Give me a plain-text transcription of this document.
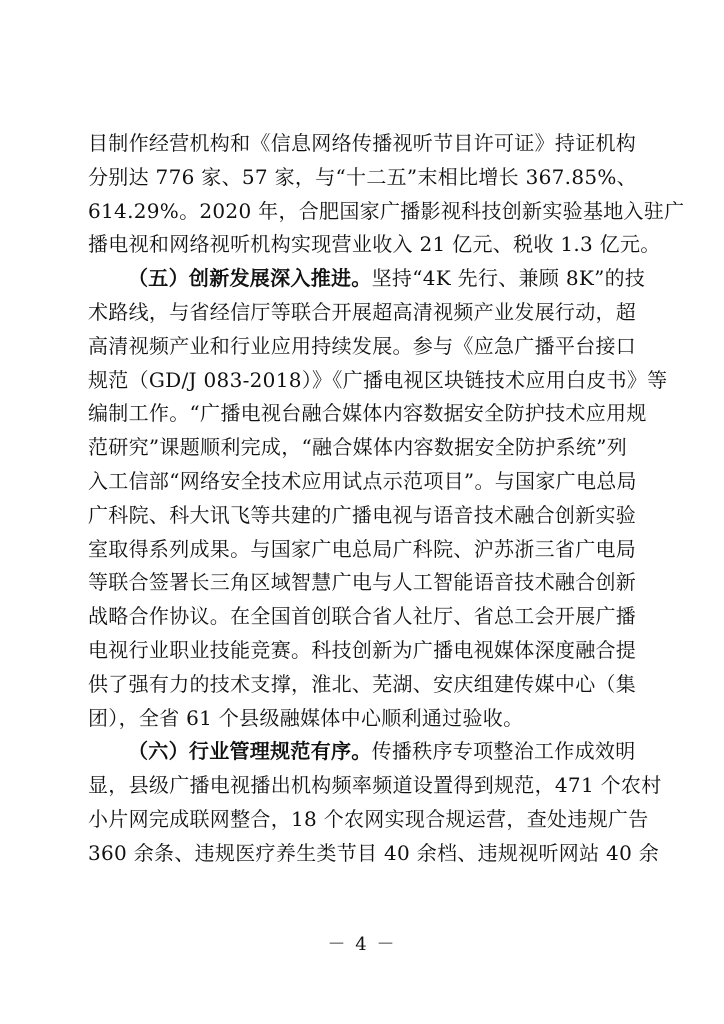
目制作经营机构和《信息网络传播视听节目许可证》持证机构
分别达 776 家、57 家，与“十二五”末相比增长 367.85%、
614.29%。2020 年，合肥国家广播影视科技创新实验基地入驻广
播电视和网络视听机构实现营业收入 21 亿元、税收 1.3 亿元。
（五）创新发展深入推进。坚持“4K 先行、兼顾 8K”的技
术路线，与省经信厅等联合开展超高清视频产业发展行动，超
高清视频产业和行业应用持续发展。参与《应急广播平台接口
规范（GD/J 083-2018）》《广播电视区块链技术应用白皮书》等
编制工作。“广播电视台融合媒体内容数据安全防护技术应用规
范研究”课题顺利完成，“融合媒体内容数据安全防护系统”列
入工信部“网络安全技术应用试点示范项目”。与国家广电总局
广科院、科大讯飞等共建的广播电视与语音技术融合创新实验
室取得系列成果。与国家广电总局广科院、沪苏浙三省广电局
等联合签署长三角区域智慧广电与人工智能语音技术融合创新
战略合作协议。在全国首创联合省人社厅、省总工会开展广播
电视行业职业技能竞赛。科技创新为广播电视媒体深度融合提
供了强有力的技术支撑，淮北、芜湖、安庆组建传媒中心（集
团），全省 61 个县级融媒体中心顺利通过验收。
（六）行业管理规范有序。传播秩序专项整治工作成效明
显，县级广播电视播出机构频率频道设置得到规范，471 个农村
小片网完成联网整合，18 个农网实现合规运营，查处违规广告
360 余条、违规医疗养生类节目 40 余档、违规视听网站 40 余
－ 4 －
